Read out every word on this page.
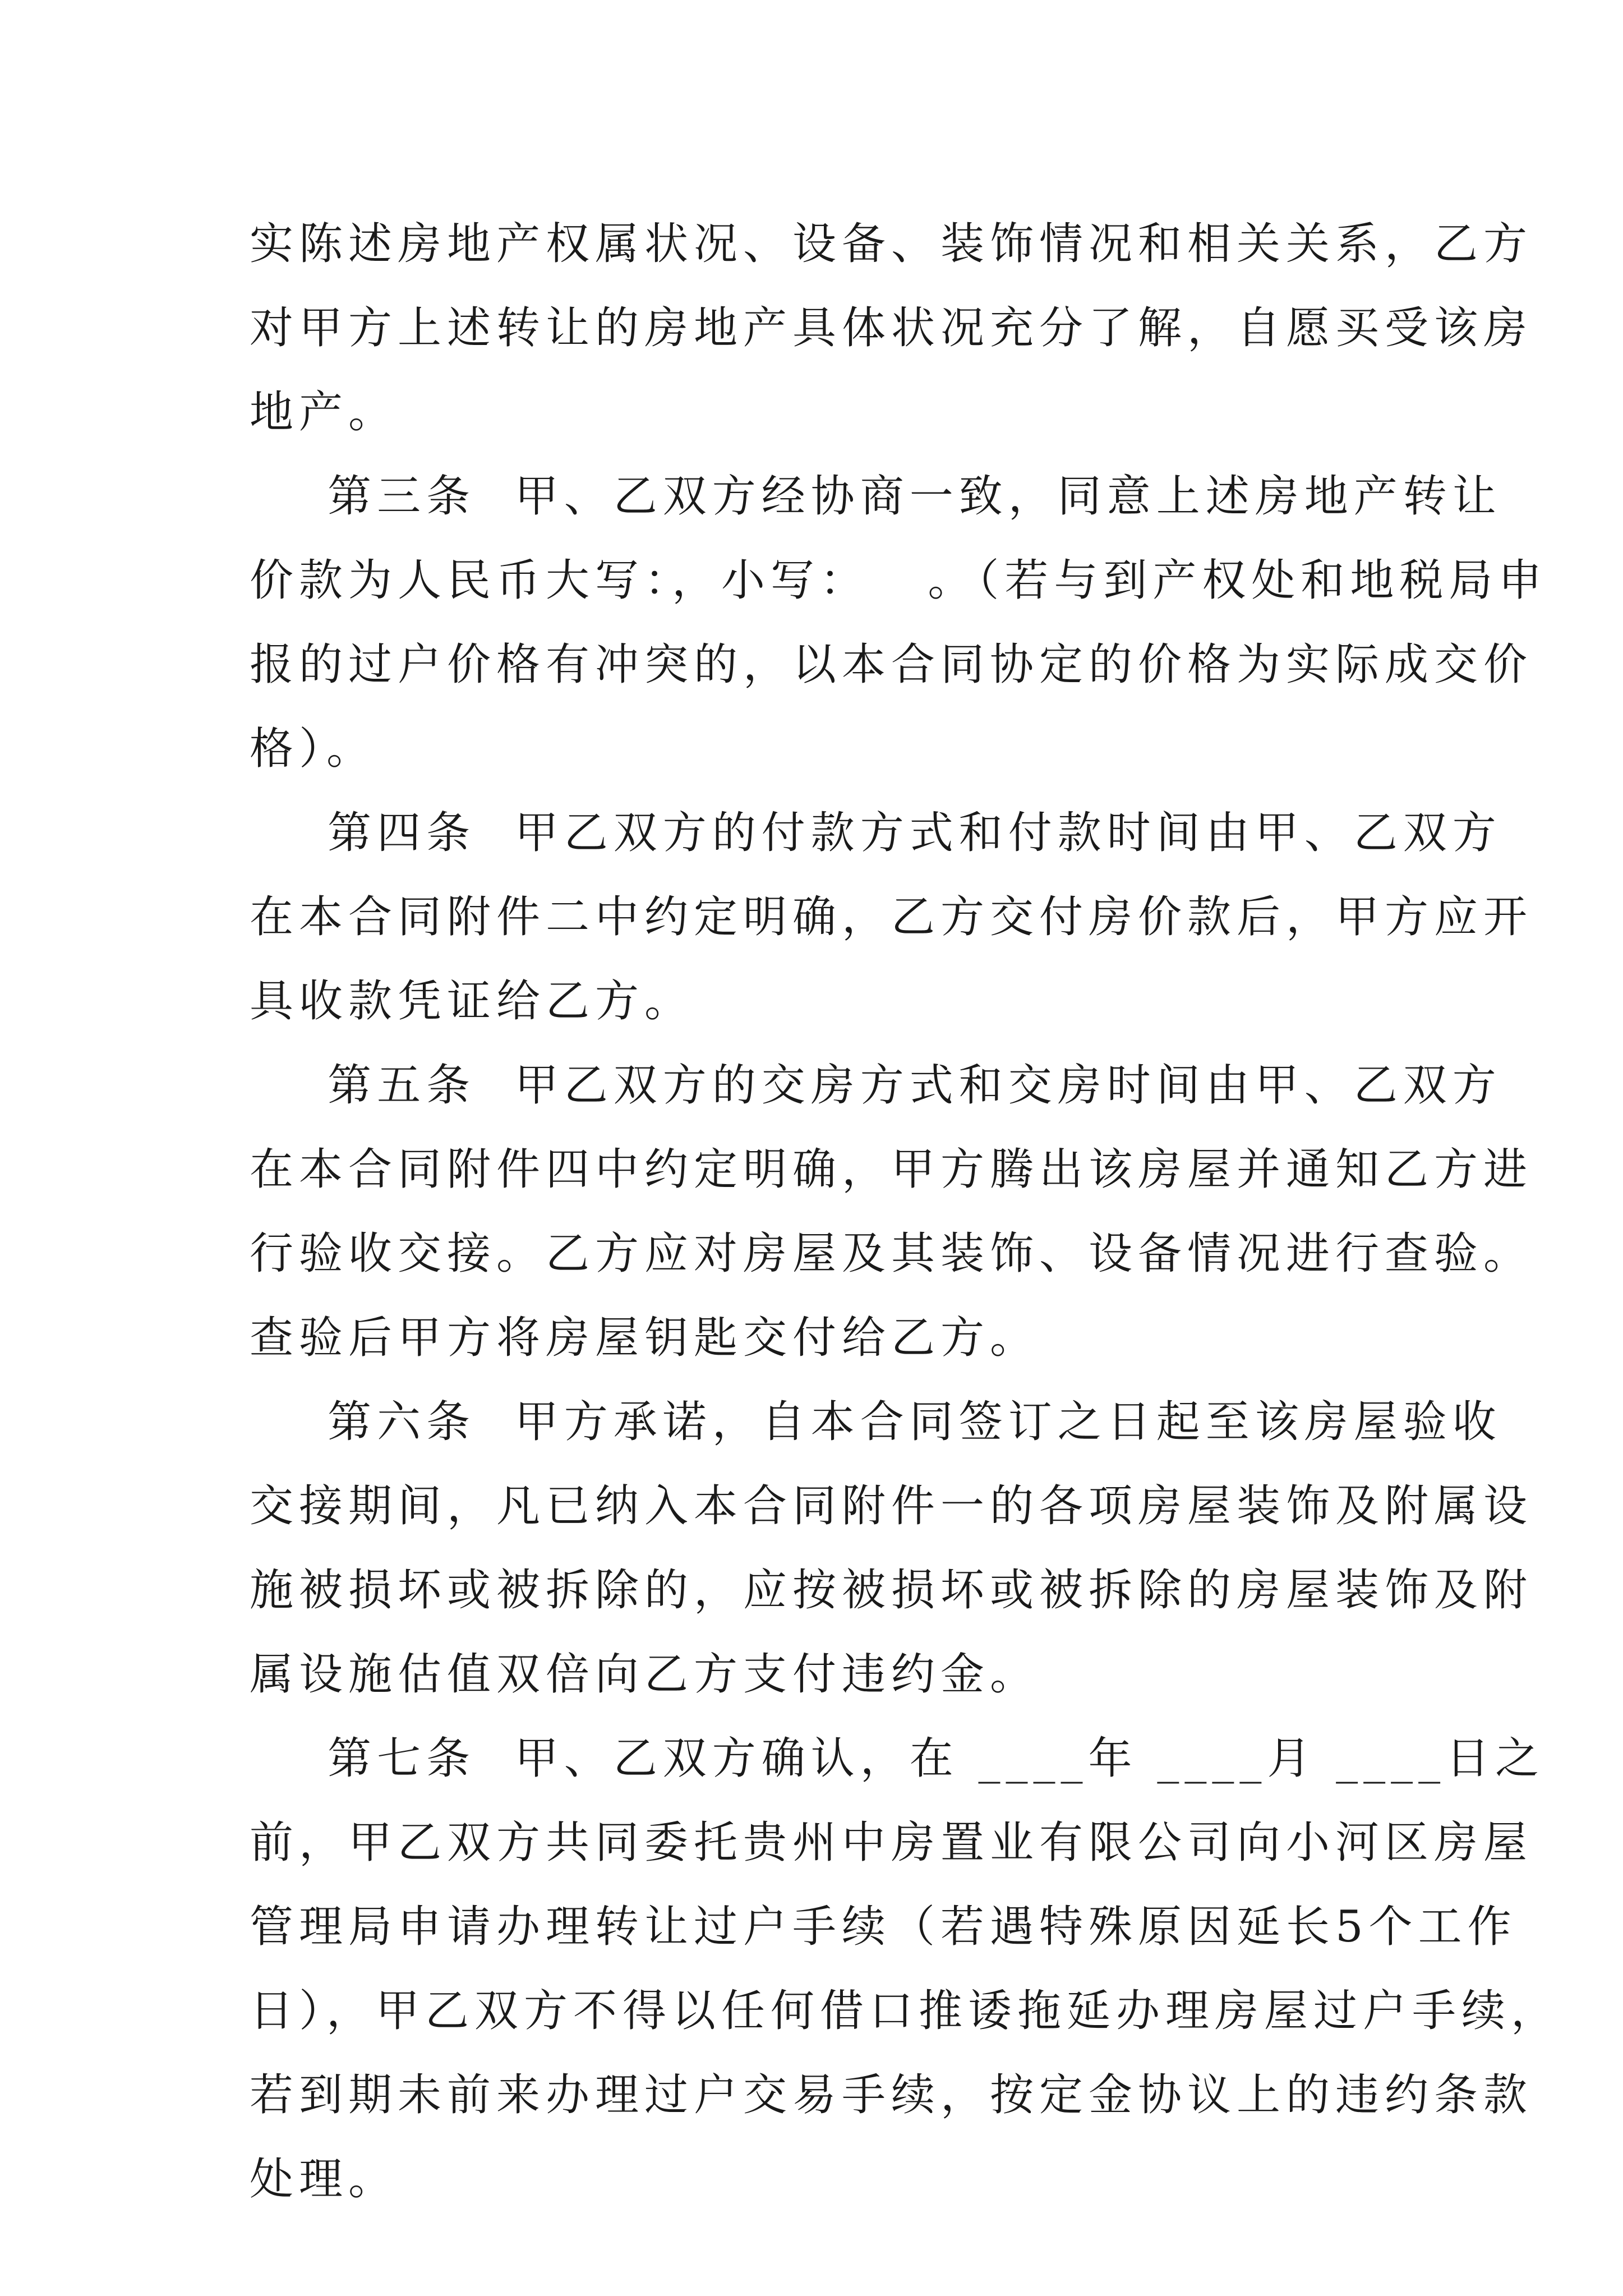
实陈述房地产权属状况、设备、装饰情况和相关关系，乙方
对甲方上述转让的房地产具体状况充分了解，自愿买受该房
地产。
第三条  甲、乙双方经协商一致，同意上述房地产转让
价款为人民币大写：，小写：   。（若与到产权处和地税局申
报的过户价格有冲突的，以本合同协定的价格为实际成交价
格）。
第四条  甲乙双方的付款方式和付款时间由甲、乙双方
在本合同附件二中约定明确，乙方交付房价款后，甲方应开
具收款凭证给乙方。
第五条  甲乙双方的交房方式和交房时间由甲、乙双方
在本合同附件四中约定明确，甲方腾出该房屋并通知乙方进
行验收交接。乙方应对房屋及其装饰、设备情况进行查验。
查验后甲方将房屋钥匙交付给乙方。
第六条  甲方承诺，自本合同签订之日起至该房屋验收
交接期间，凡已纳入本合同附件一的各项房屋装饰及附属设
施被损坏或被拆除的，应按被损坏或被拆除的房屋装饰及附
属设施估值双倍向乙方支付违约金。
第七条  甲、乙双方确认，在 ____年 ____月 ____日之
前，甲乙双方共同委托贵州中房置业有限公司向小河区房屋
管理局申请办理转让过户手续（若遇特殊原因延长5个工作
日），甲乙双方不得以任何借口推诿拖延办理房屋过户手续，
若到期未前来办理过户交易手续，按定金协议上的违约条款
处理。
